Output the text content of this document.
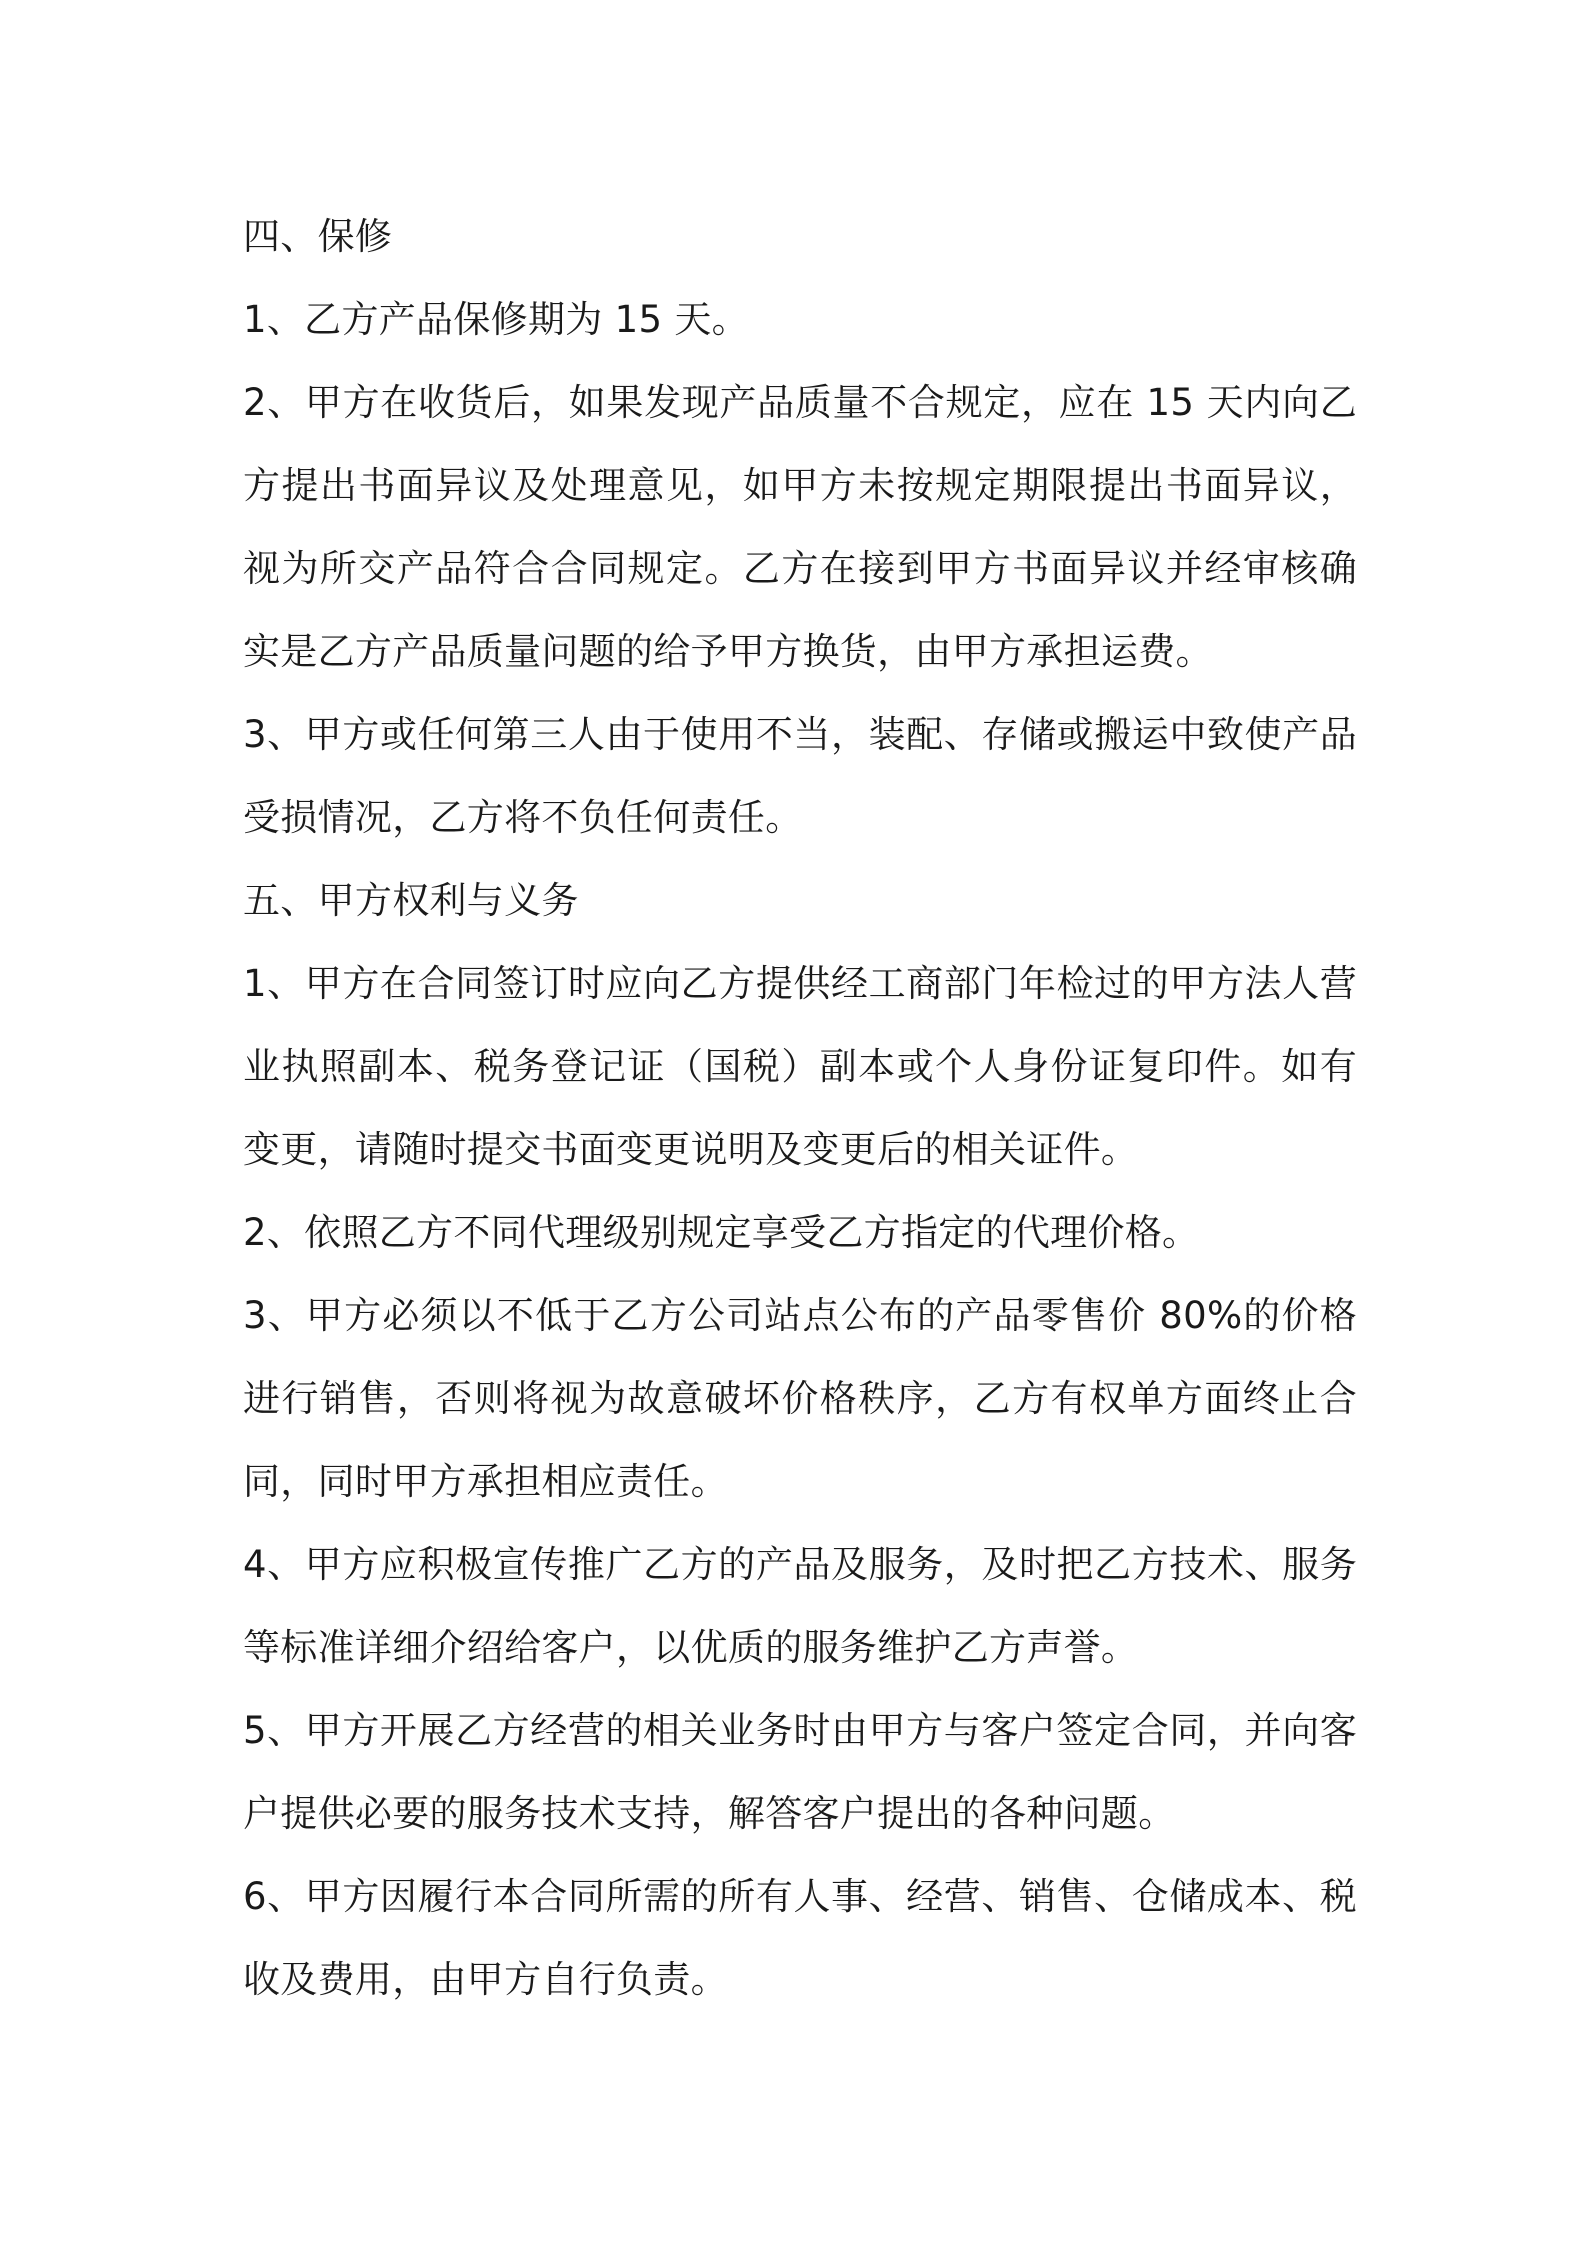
四、保修

1、乙方产品保修期为 15 天。

2、甲方在收货后，如果发现产品质量不合规定，应在 15 天内向乙方提出书面异议及处理意见，如甲方未按规定期限提出书面异议，视为所交产品符合合同规定。乙方在接到甲方书面异议并经审核确实是乙方产品质量问题的给予甲方换货，由甲方承担运费。

3、甲方或任何第三人由于使用不当，装配、存储或搬运中致使产品受损情况，乙方将不负任何责任。

五、甲方权利与义务

1、甲方在合同签订时应向乙方提供经工商部门年检过的甲方法人营业执照副本、税务登记证（国税）副本或个人身份证复印件。如有变更，请随时提交书面变更说明及变更后的相关证件。

2、依照乙方不同代理级别规定享受乙方指定的代理价格。

3、甲方必须以不低于乙方公司站点公布的产品零售价 80%的价格进行销售，否则将视为故意破坏价格秩序，乙方有权单方面终止合同，同时甲方承担相应责任。

4、甲方应积极宣传推广乙方的产品及服务，及时把乙方技术、服务等标准详细介绍给客户，以优质的服务维护乙方声誉。

5、甲方开展乙方经营的相关业务时由甲方与客户签定合同，并向客户提供必要的服务技术支持，解答客户提出的各种问题。

6、甲方因履行本合同所需的所有人事、经营、销售、仓储成本、税收及费用，由甲方自行负责。
